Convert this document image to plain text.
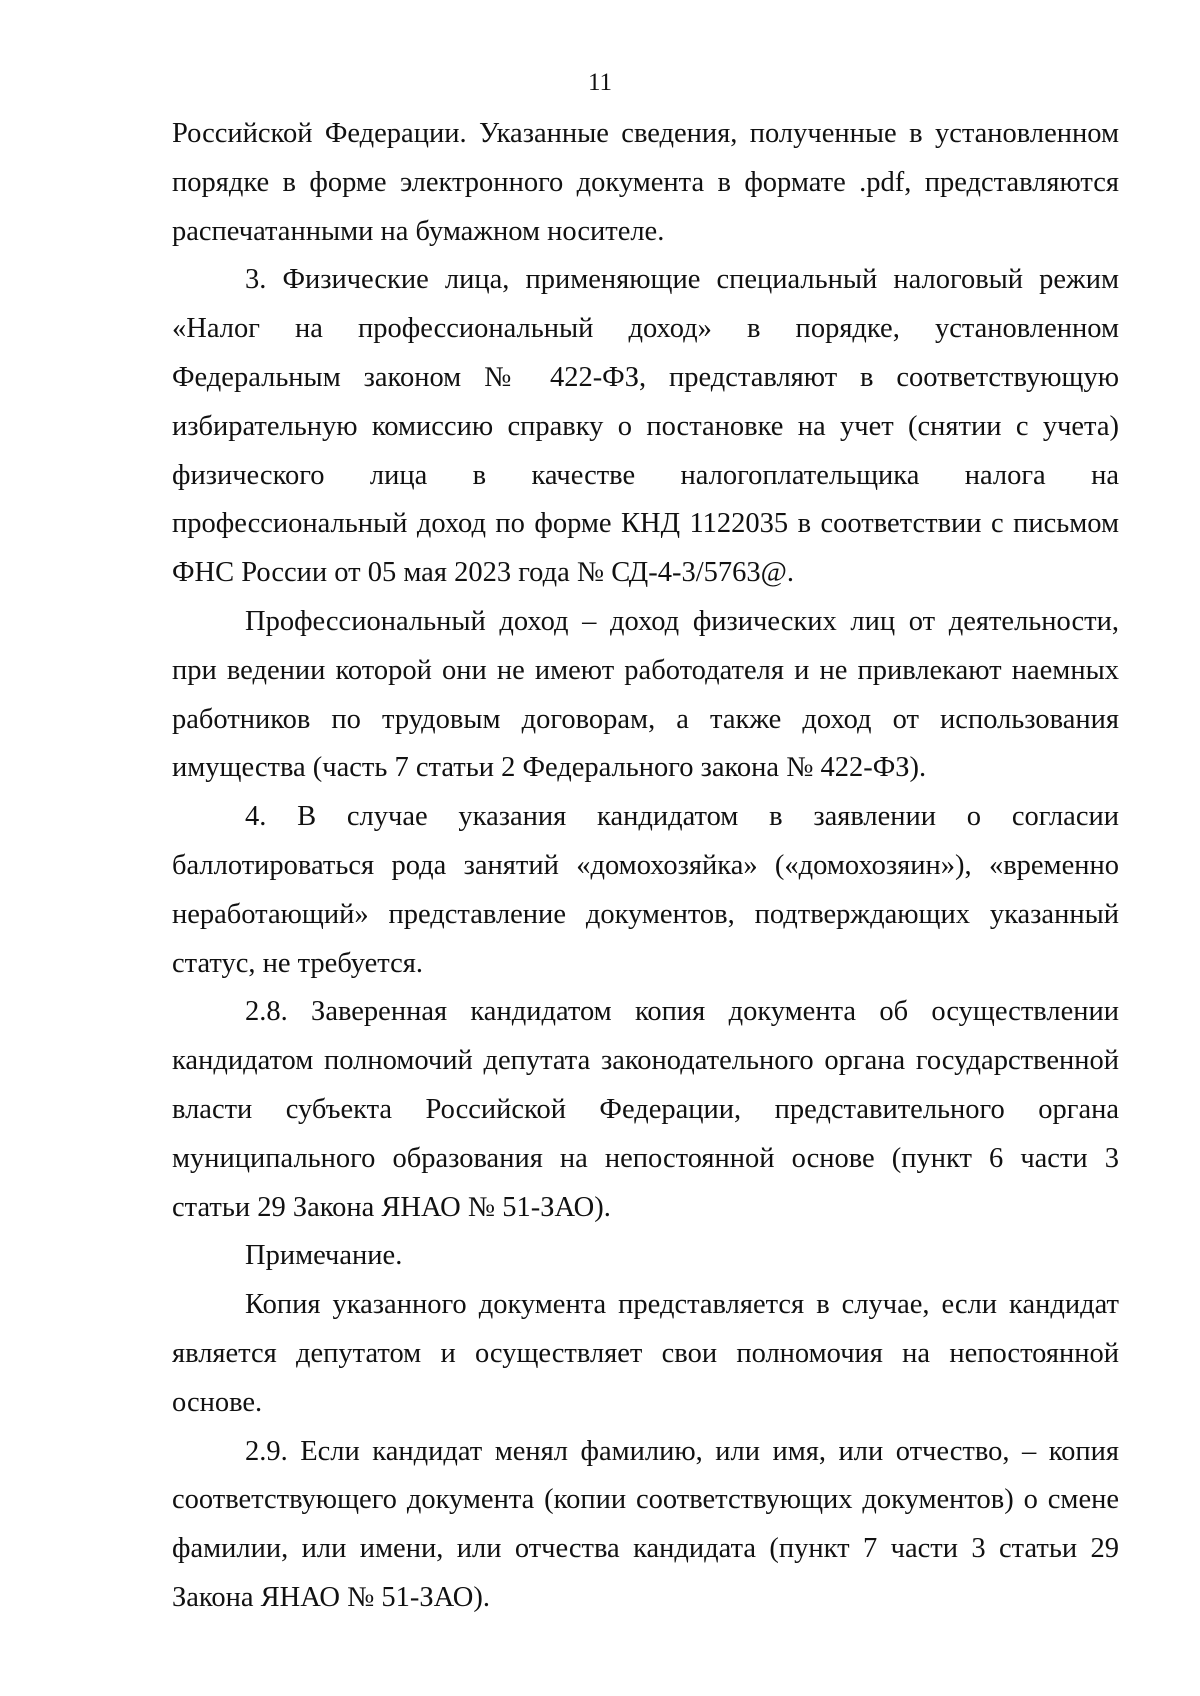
11

Российской Федерации. Указанные сведения, полученные в установленном порядке в форме электронного документа в формате .pdf, представляются распечатанными на бумажном носителе.

3. Физические лица, применяющие специальный налоговый режим «Налог на профессиональный доход» в порядке, установленном Федеральным законом № 422-ФЗ, представляют в соответствующую избирательную комиссию справку о постановке на учет (снятии с учета) физического лица в качестве налогоплательщика налога на профессиональный доход по форме КНД 1122035 в соответствии с письмом ФНС России от 05 мая 2023 года № СД-4-3/5763@.

Профессиональный доход – доход физических лиц от деятельности, при ведении которой они не имеют работодателя и не привлекают наемных работников по трудовым договорам, а также доход от использования имущества (часть 7 статьи 2 Федерального закона № 422-ФЗ).

4. В случае указания кандидатом в заявлении о согласии баллотироваться рода занятий «домохозяйка» («домохозяин»), «временно неработающий» представление документов, подтверждающих указанный статус, не требуется.

2.8. Заверенная кандидатом копия документа об осуществлении кандидатом полномочий депутата законодательного органа государственной власти субъекта Российской Федерации, представительного органа муниципального образования на непостоянной основе (пункт 6 части 3 статьи 29 Закона ЯНАО № 51-ЗАО).

Примечание.

Копия указанного документа представляется в случае, если кандидат является депутатом и осуществляет свои полномочия на непостоянной основе.

2.9. Если кандидат менял фамилию, или имя, или отчество, – копия соответствующего документа (копии соответствующих документов) о смене фамилии, или имени, или отчества кандидата (пункт 7 части 3 статьи 29 Закона ЯНАО № 51-ЗАО).
